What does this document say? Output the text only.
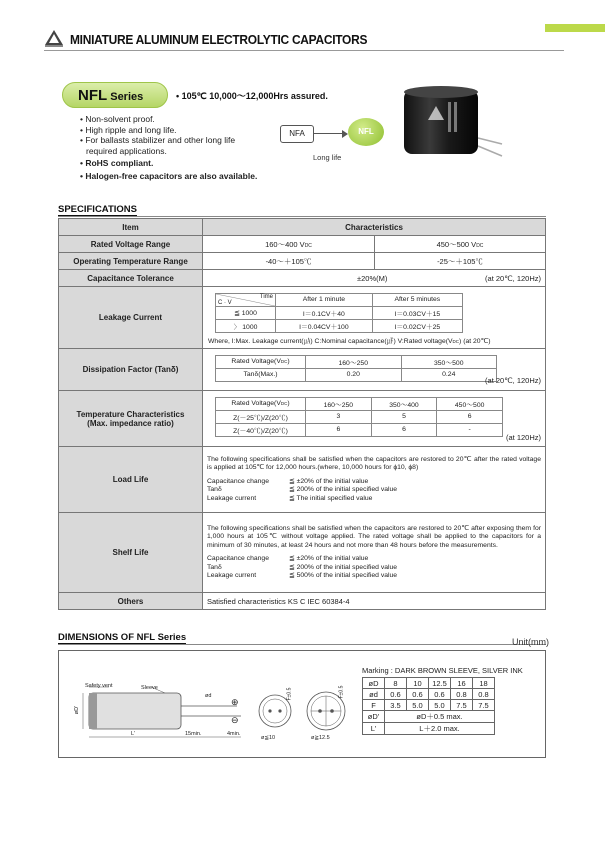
MINIATURE ALUMINUM ELECTROLYTIC CAPACITORS
NFL Series	• 105℃ 10,000～12,000Hrs assured.
• Non-solvent proof.
• High ripple and long life.
• For ballasts stabilizer and other long life
required applications.
• RoHS compliant.
• Halogen-free capacitors are also available.
NFA	NFL
Long life
SPECIFICATIONS
Item	Characteristics
Rated Voltage Range	160～400 VDC	450～500 VDC
Operating Temperature Range	-40～＋105℃	-25～＋105℃
Capacitance Tolerance	±20%(M)	(at 20℃, 120Hz)

Leakage Current	
Time
C · V	After 1 minute	After 5 minutes
≦ 1000	I＝0.1CV＋40	I＝0.03CV＋15
〉 1000	I＝0.04CV＋100	I＝0.02CV＋25
Where, I:Max. Leakage current(㎂) C:Nominal capacitance(㎌) V:Rated voltage(VDC) (at 20℃)

Dissipation Factor (Tanδ)	
Rated Voltage(VDC)	160～250	350～500
Tanδ(Max.)	0.20	0.24
(at 20℃, 120Hz)

Temperature Characteristics
(Max. impedance ratio)

Rated Voltage(VDC)	160～250	350～400	450～500
Z(－25℃)/Z(20℃)	3	5	6
Z(－40℃)/Z(20℃)	6	6	-
(at 120Hz)

Load Life	
The following specifications shall be satisfied when the capacitors are restored to 20℃ after the rated voltage is applied at 105℃ for 12,000 hours.(where, 10,000 hours for ɸ10, ɸ8)
Capacitance change	≦ ±20% of the initial value
Tanδ	≦ 200% of the initial specified value
Leakage current	≦ The initial specified value

Shelf Life	
The following specifications shall be satisfied when the capacitors are restored to 20℃ after exposing them for 1,000 hours at 105℃ without voltage applied. The rated voltage shall be applied to the capacitors for a minimum of 30 minutes, at least 24 hours and not more than 48 hours before the measurements.
Capacitance change	≦ ±20% of the initial value
Tanδ	≦ 200% of the initial specified value
Leakage current	≦ 500% of the initial specified value

Others	Satisfied characteristics KS C IEC 60384-4
DIMENSIONS OF NFL Series	Unit(mm)
Safety vent	Sleeve
ød
øD'
L'	15min.	4min.
⊕
⊖
F±0.5
ø≦10
F±0.5
ø≧12.5
Marking : DARK BROWN SLEEVE, SILVER INK
øD	8	10	12.5	16	18
ød	0.6	0.6	0.6	0.8	0.8
F	3.5	5.0	5.0	7.5	7.5
øD'	øD＋0.5 max.				
L'	L＋2.0 max.				
